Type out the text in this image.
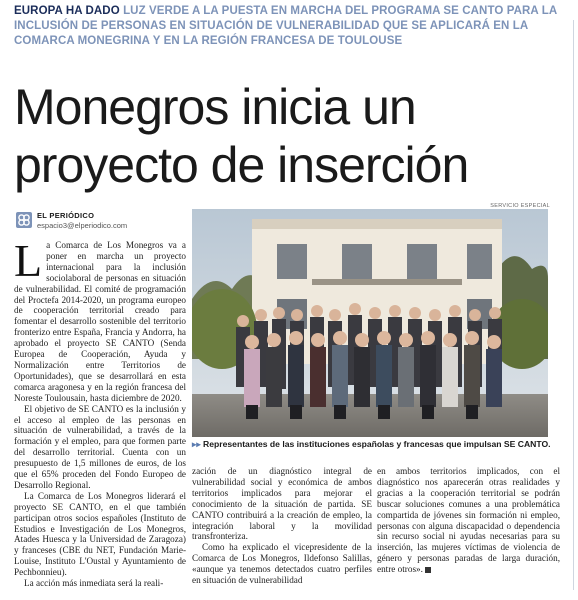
EUROPA HA DADO LUZ VERDE A LA PUESTA EN MARCHA DEL PROGRAMA SE CANTO PARA LA INCLUSIÓN DE PERSONAS EN SITUACIÓN DE VULNERABILIDAD QUE SE APLICARÁ EN LA COMARCA MONEGRINA Y EN LA REGIÓN FRANCESA DE TOULOUSE
Monegros inicia un proyecto de inserción
EL PERIÓDICO
espacio3@elperiodico.com
SERVICIO ESPECIAL
▸▸ Representantes de las instituciones españolas y francesas que impulsan SE CANTO.
L a Comarca de Los Monegros va a poner en marcha un proyecto internacional para la inclusión sociolaboral de personas en situación de vulnerabilidad. El comité de programación del Proctefa 2014-2020, un programa europeo de cooperación territorial creado para fomentar el desarrollo sostenible del territorio fronterizo entre España, Francia y Andorra, ha aprobado el proyecto SE CANTO (Senda Europea de Cooperación, Ayuda y Normalización entre Territorios de Oportunidades), que se desarrollará en esta comarca aragonesa y en la región francesa del Noreste Toulousain, hasta diciembre de 2020.

El objetivo de SE CANTO es la inclusión y el acceso al empleo de las personas en situación de vulnerabilidad, a través de la formación y el empleo, para que formen parte del desarrollo territorial. Cuenta con un presupuesto de 1,5 millones de euros, de los que el 65% proceden del Fondo Europeo de Desarrollo Regional.

La Comarca de Los Monegros liderará el proyecto SE CANTO, en el que también participan otros socios españoles (Instituto de Estudios e Investigación de Los Monegros, Atades Huesca y la Universidad de Zaragoza) y franceses (CBE du NET, Fundación Marie-Louise, Instituto L'Oustal y Ayuntamiento de Pechbonnieu).

La acción más inmediata será la reali-

zación de un diagnóstico integral de vulnerabilidad social y económica de ambos territorios implicados para mejorar el conocimiento de la situación de partida. SE CANTO contribuirá a la creación de empleo, la integración laboral y la movilidad transfronteriza.

Como ha explicado el vicepresidente de la Comarca de Los Monegros, Ildefonso Salillas, «aunque ya tenemos detectados cuatro perfiles en situación de vulnerabilidad

en ambos territorios implicados, con el diagnóstico nos aparecerán otras realidades y gracias a la cooperación territorial se podrán buscar soluciones comunes a una problemática compartida de jóvenes sin formación ni empleo, personas con alguna discapacidad o dependencia sin recurso social ni ayudas necesarias para su inserción, las mujeres víctimas de violencia de género y personas paradas de larga duración, entre otros».
